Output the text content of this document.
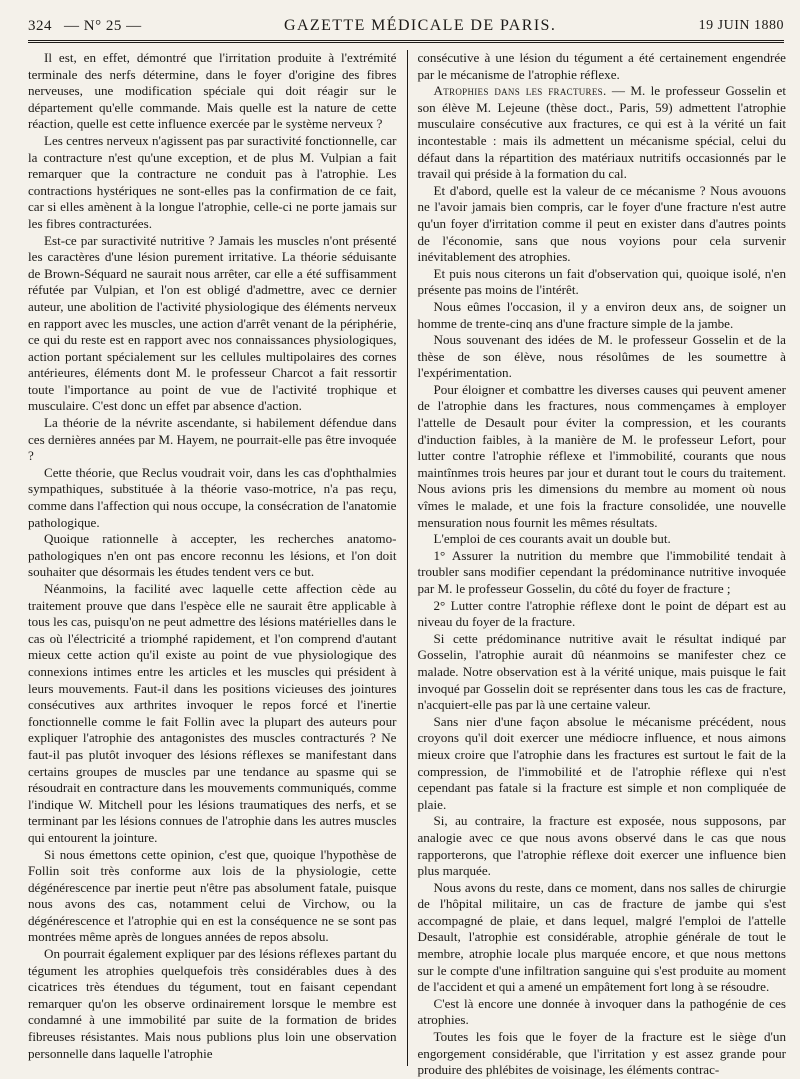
324 — N° 25 —	GAZETTE MÉDICALE DE PARIS.	19 JUIN 1880

Il est, en effet, démontré que l'irritation produite à l'extrémité terminale des nerfs détermine, dans le foyer d'origine des fibres nerveuses, une modification spéciale qui doit réagir sur le département qu'elle commande. Mais quelle est la nature de cette réaction, quelle est cette influence exercée par le système nerveux ?

Les centres nerveux n'agissent pas par suractivité fonctionnelle, car la contracture n'est qu'une exception, et de plus M. Vulpian a fait remarquer que la contracture ne conduit pas à l'atrophie. Les contractions hystériques ne sont-elles pas la confirmation de ce fait, car si elles amènent à la longue l'atrophie, celle-ci ne porte jamais sur les fibres contracturées.

Est-ce par suractivité nutritive ? Jamais les muscles n'ont présenté les caractères d'une lésion purement irritative. La théorie séduisante de Brown-Séquard ne saurait nous arrêter, car elle a été suffisamment réfutée par Vulpian, et l'on est obligé d'admettre, avec ce dernier auteur, une abolition de l'activité physiologique des éléments nerveux en rapport avec les muscles, une action d'arrêt venant de la périphérie, ce qui du reste est en rapport avec nos connaissances physiologiques, action portant spécialement sur les cellules multipolaires des cornes antérieures, éléments dont M. le professeur Charcot a fait ressortir toute l'importance au point de vue de l'activité trophique et musculaire. C'est donc un effet par absence d'action.

La théorie de la névrite ascendante, si habilement défendue dans ces dernières années par M. Hayem, ne pourrait-elle pas être invoquée ?

Cette théorie, que Reclus voudrait voir, dans les cas d'ophthalmies sympathiques, substituée à la théorie vaso-motrice, n'a pas reçu, comme dans l'affection qui nous occupe, la consécration de l'anatomie pathologique.

Quoique rationnelle à accepter, les recherches anatomo-pathologiques n'en ont pas encore reconnu les lésions, et l'on doit souhaiter que désormais les études tendent vers ce but.

Néanmoins, la facilité avec laquelle cette affection cède au traitement prouve que dans l'espèce elle ne saurait être applicable à tous les cas, puisqu'on ne peut admettre des lésions matérielles dans le cas où l'électricité a triomphé rapidement, et l'on comprend d'autant mieux cette action qu'il existe au point de vue physiologique des connexions intimes entre les articles et les muscles qui président à leurs mouvements. Faut-il dans les positions vicieuses des jointures consécutives aux arthrites invoquer le repos forcé et l'inertie fonctionnelle comme le fait Follin avec la plupart des auteurs pour expliquer l'atrophie des antagonistes des muscles contracturés ? Ne faut-il pas plutôt invoquer des lésions réflexes se manifestant dans certains groupes de muscles par une tendance au spasme qui se résoudrait en contracture dans les mouvements communiqués, comme l'indique W. Mitchell pour les lésions traumatiques des nerfs, et se terminant par les lésions connues de l'atrophie dans les autres muscles qui entourent la jointure.

Si nous émettons cette opinion, c'est que, quoique l'hypothèse de Follin soit très conforme aux lois de la physiologie, cette dégénérescence par inertie peut n'être pas absolument fatale, puisque nous avons des cas, notamment celui de Virchow, ou la dégénérescence et l'atrophie qui en est la conséquence ne se sont pas montrées même après de longues années de repos absolu.

On pourrait également expliquer par des lésions réflexes partant du tégument les atrophies quelquefois très considérables dues à des cicatrices très étendues du tégument, tout en faisant cependant remarquer qu'on les observe ordinairement lorsque le membre est condamné à une immobilité par suite de la formation de brides fibreuses résistantes. Mais nous publions plus loin une observation personnelle dans laquelle l'atrophie

consécutive à une lésion du tégument a été certainement engendrée par le mécanisme de l'atrophie réflexe.

Atrophies dans les fractures. — M. le professeur Gosselin et son élève M. Lejeune (thèse doct., Paris, 59) admettent l'atrophie musculaire consécutive aux fractures, ce qui est à la vérité un fait incontestable : mais ils admettent un mécanisme spécial, celui du défaut dans la répartition des matériaux nutritifs occasionnés par le travail qui préside à la formation du cal.

Et d'abord, quelle est la valeur de ce mécanisme ? Nous avouons ne l'avoir jamais bien compris, car le foyer d'une fracture n'est autre qu'un foyer d'irritation comme il peut en exister dans d'autres points de l'économie, sans que nous voyions pour cela survenir inévitablement des atrophies.

Et puis nous citerons un fait d'observation qui, quoique isolé, n'en présente pas moins de l'intérêt.

Nous eûmes l'occasion, il y a environ deux ans, de soigner un homme de trente-cinq ans d'une fracture simple de la jambe.

Nous souvenant des idées de M. le professeur Gosselin et de la thèse de son élève, nous résolûmes de les soumettre à l'expérimentation.

Pour éloigner et combattre les diverses causes qui peuvent amener de l'atrophie dans les fractures, nous commençames à employer l'attelle de Desault pour éviter la compression, et les courants d'induction faibles, à la manière de M. le professeur Lefort, pour lutter contre l'atrophie réflexe et l'immobilité, courants que nous maintînmes trois heures par jour et durant tout le cours du traitement. Nous avions pris les dimensions du membre au moment où nous vîmes le malade, et une fois la fracture consolidée, une nouvelle mensuration nous fournit les mêmes résultats.

L'emploi de ces courants avait un double but.

1° Assurer la nutrition du membre que l'immobilité tendait à troubler sans modifier cependant la prédominance nutritive invoquée par M. le professeur Gosselin, du côté du foyer de fracture ;

2° Lutter contre l'atrophie réflexe dont le point de départ est au niveau du foyer de la fracture.

Si cette prédominance nutritive avait le résultat indiqué par Gosselin, l'atrophie aurait dû néanmoins se manifester chez ce malade. Notre observation est à la vérité unique, mais puisque le fait invoqué par Gosselin doit se représenter dans tous les cas de fracture, n'acquiert-elle pas par là une certaine valeur.

Sans nier d'une façon absolue le mécanisme précédent, nous croyons qu'il doit exercer une médiocre influence, et nous aimons mieux croire que l'atrophie dans les fractures est surtout le fait de la compression, de l'immobilité et de l'atrophie réflexe qui n'est cependant pas fatale si la fracture est simple et non compliquée de plaie.

Si, au contraire, la fracture est exposée, nous supposons, par analogie avec ce que nous avons observé dans le cas que nous rapporterons, que l'atrophie réflexe doit exercer une influence bien plus marquée.

Nous avons du reste, dans ce moment, dans nos salles de chirurgie de l'hôpital militaire, un cas de fracture de jambe qui s'est accompagné de plaie, et dans lequel, malgré l'emploi de l'attelle Desault, l'atrophie est considérable, atrophie générale de tout le membre, atrophie locale plus marquée encore, et que nous mettons sur le compte d'une infiltration sanguine qui s'est produite au moment de l'accident et qui a amené un empâtement fort long à se résoudre.

C'est là encore une donnée à invoquer dans la pathogénie de ces atrophies.

Toutes les fois que le foyer de la fracture est le siège d'un engorgement considérable, que l'irritation y est assez grande pour produire des phlébites de voisinage, les éléments contrac-
